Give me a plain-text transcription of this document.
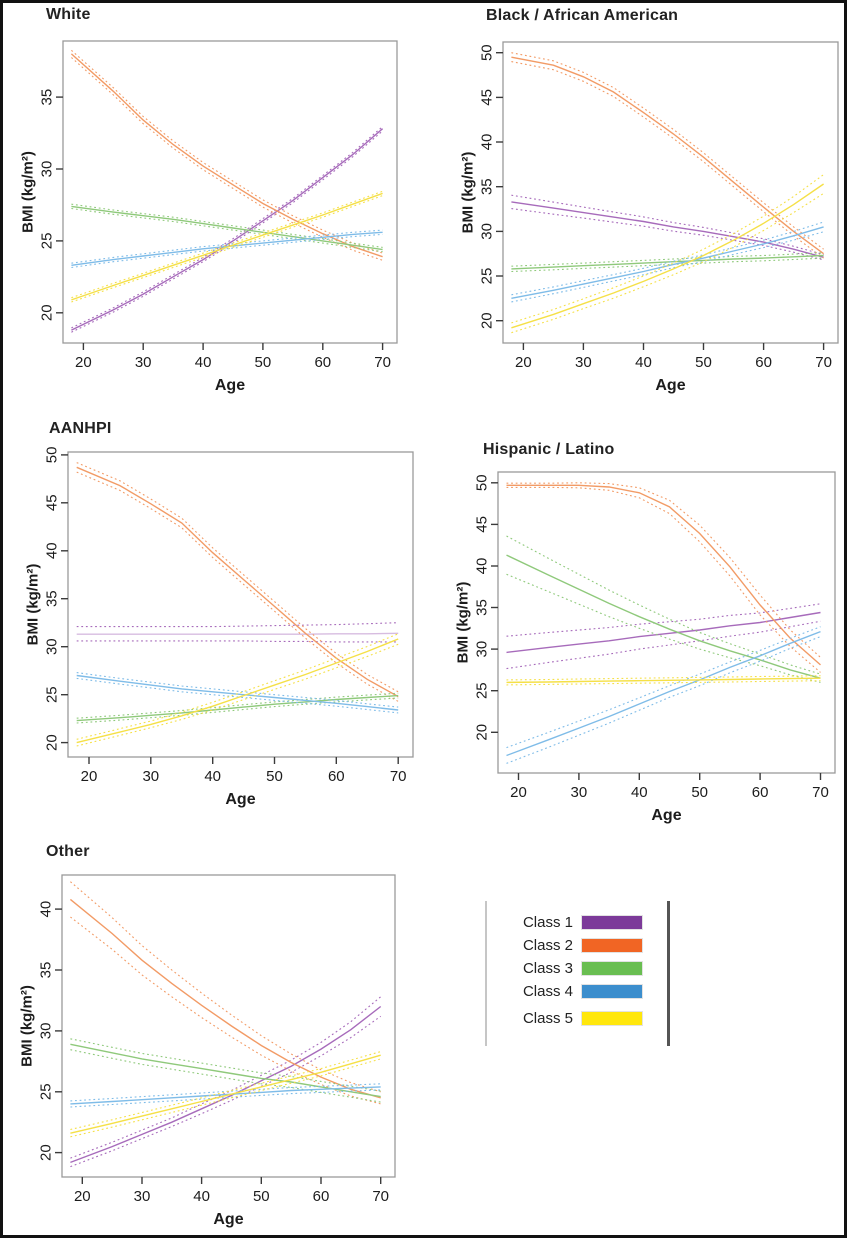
White	Black / African American
AANHPI
Hispanic / Latino
Other
20	30	40	50	60	70
20
25
30
35
Age
BMI (kg/m²)
20	30	40	50	60	70
20
25
30
35
40
45
50
Age
BMI (kg/m²)
20	30	40	50	60	70
20
25
30
35
40
45
50
Age
BMI (kg/m²)
20	30	40	50	60	70
20
25
30
35
40
45
50
Age
BMI (kg/m²)
20	30	40	50	60	70
20
25
30
35
40
Age
BMI (kg/m²)
Class 1
Class 2
Class 3
Class 4
Class 5
